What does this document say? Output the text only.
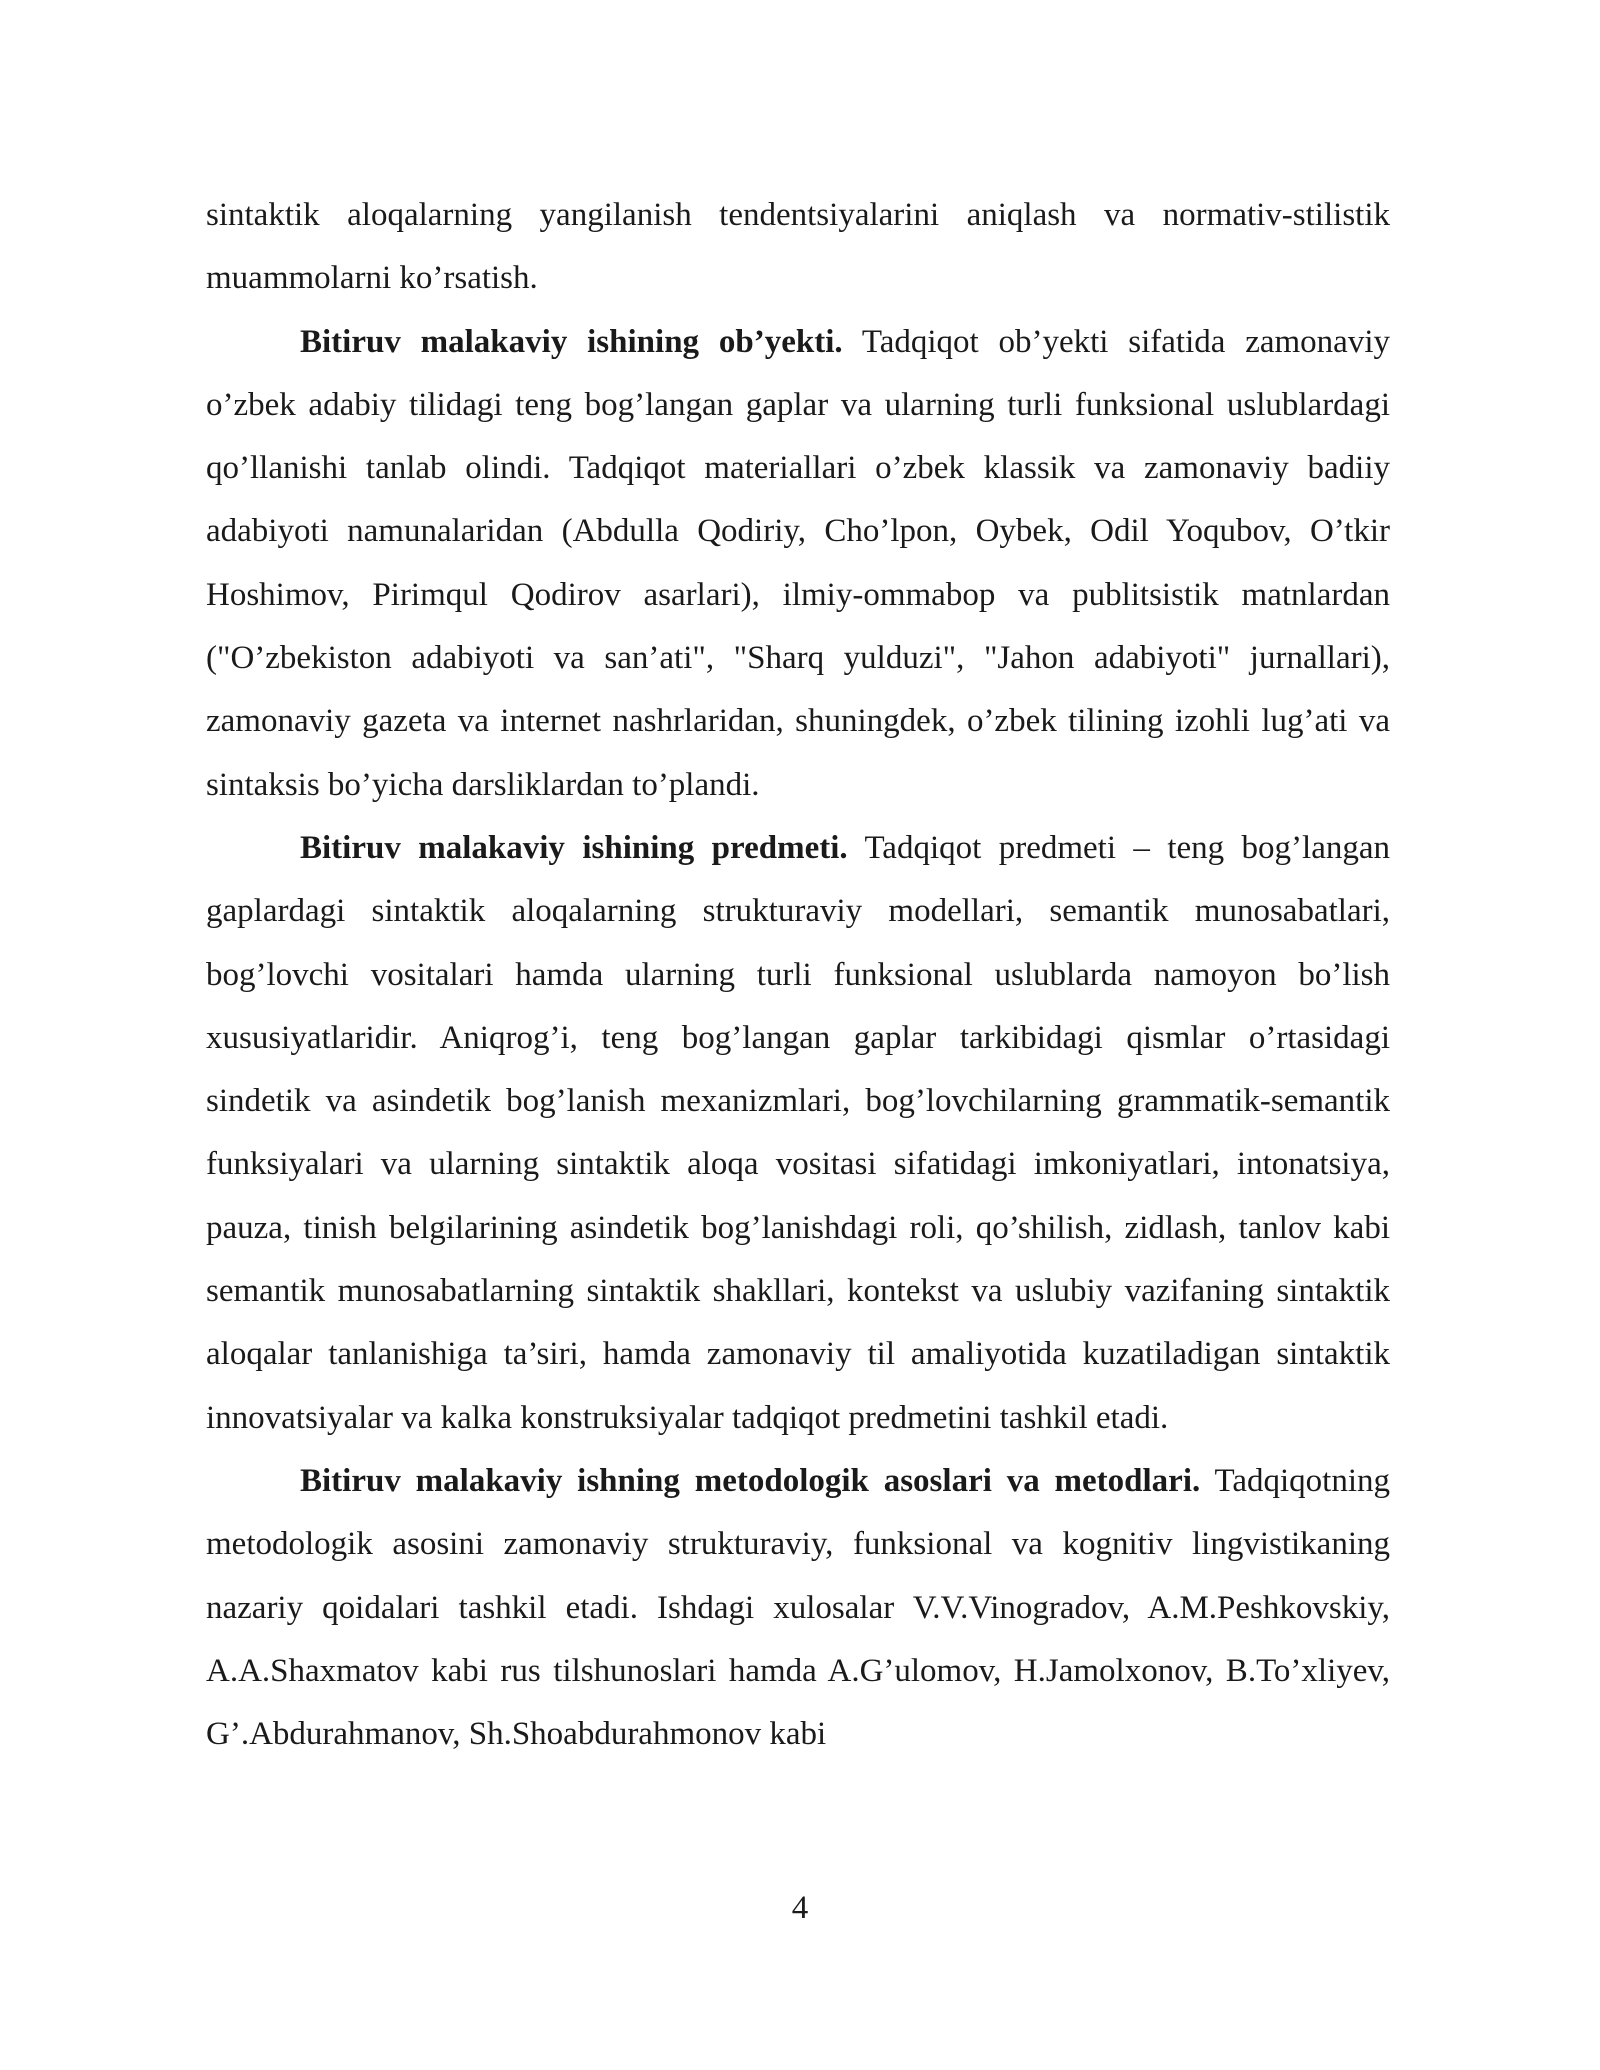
sintaktik aloqalarning yangilanish tendentsiyalarini aniqlash va normativ-stilistik muammolarni ko’rsatish.

Bitiruv malakaviy ishining ob’yekti. Tadqiqot ob’yekti sifatida zamonaviy o’zbek adabiy tilidagi teng bog’langan gaplar va ularning turli funksional uslublardagi qo’llanishi tanlab olindi. Tadqiqot materiallari o’zbek klassik va zamonaviy badiiy adabiyoti namunalaridan (Abdulla Qodiriy, Cho’lpon, Oybek, Odil Yoqubov, O’tkir Hoshimov, Pirimqul Qodirov asarlari), ilmiy-ommabop va publitsistik matnlardan ("O’zbekiston adabiyoti va san’ati", "Sharq yulduzi", "Jahon adabiyoti" jurnallari), zamonaviy gazeta va internet nashrlaridan, shuningdek, o’zbek tilining izohli lug’ati va sintaksis bo’yicha darsliklardan to’plandi.

Bitiruv malakaviy ishining predmeti. Tadqiqot predmeti – teng bog’langan gaplardagi sintaktik aloqalarning strukturaviy modellari, semantik munosabatlari, bog’lovchi vositalari hamda ularning turli funksional uslublarda namoyon bo’lish xususiyatlaridir. Aniqrog’i, teng bog’langan gaplar tarkibidagi qismlar o’rtasidagi sindetik va asindetik bog’lanish mexanizmlari, bog’lovchilarning grammatik-semantik funksiyalari va ularning sintaktik aloqa vositasi sifatidagi imkoniyatlari, intonatsiya, pauza, tinish belgilarining asindetik bog’lanishdagi roli, qo’shilish, zidlash, tanlov kabi semantik munosabatlarning sintaktik shakllari, kontekst va uslubiy vazifaning sintaktik aloqalar tanlanishiga ta’siri, hamda zamonaviy til amaliyotida kuzatiladigan sintaktik innovatsiyalar va kalka konstruksiyalar tadqiqot predmetini tashkil etadi.

Bitiruv malakaviy ishning metodologik asoslari va metodlari. Tadqiqotning metodologik asosini zamonaviy strukturaviy, funksional va kognitiv lingvistikaning nazariy qoidalari tashkil etadi. Ishdagi xulosalar V.V.Vinogradov, A.M.Peshkovskiy, A.A.Shaxmatov kabi rus tilshunoslari hamda A.G’ulomov, H.Jamolxonov, B.To’xliyev, G’.Abdurahmanov, Sh.Shoabdurahmonov kabi

4
